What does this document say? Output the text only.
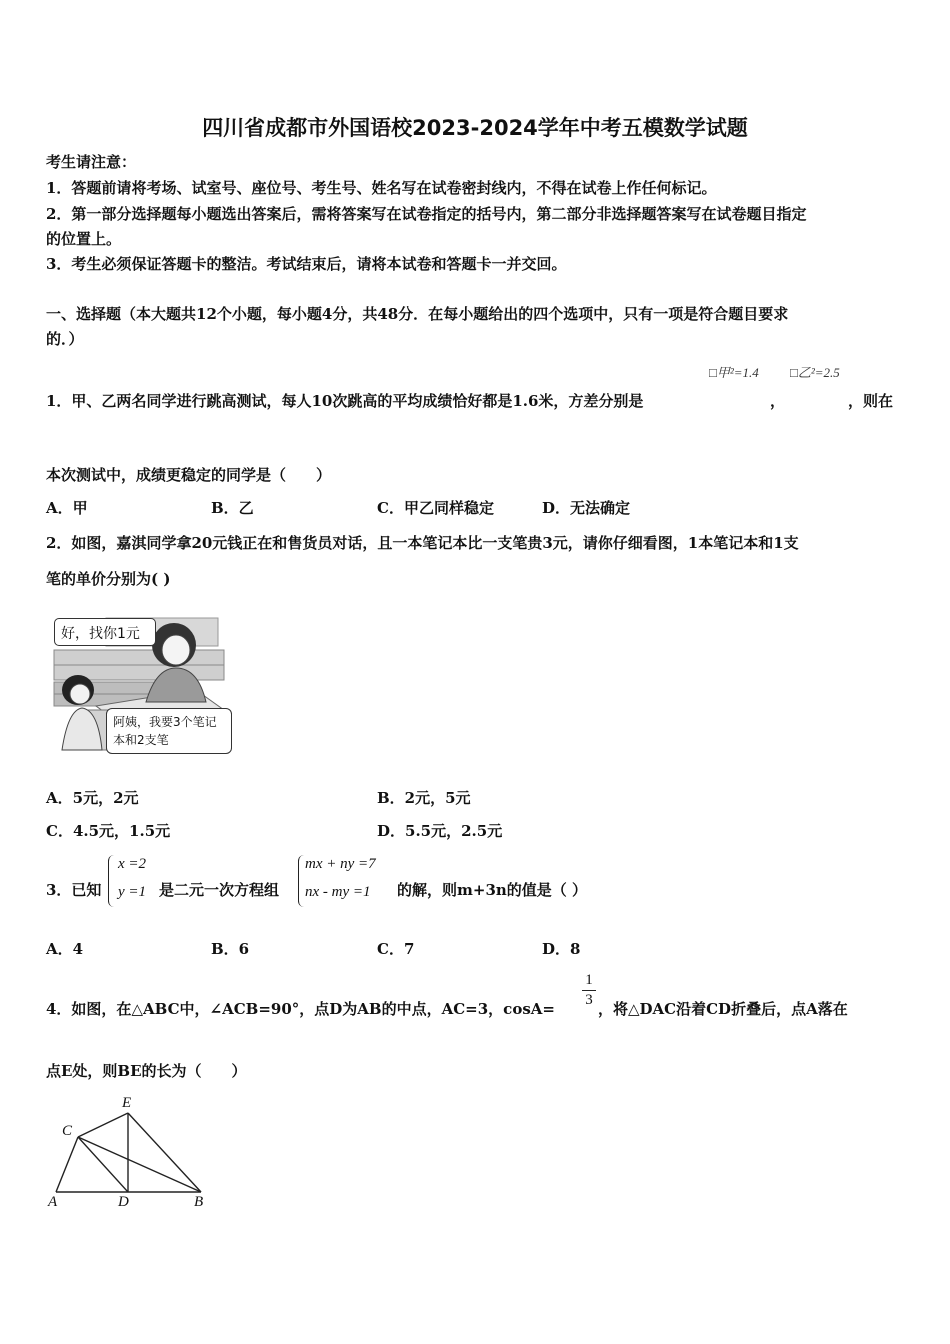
四川省成都市外国语校2023-2024学年中考五模数学试题
考生请注意：
1．答题前请将考场、试室号、座位号、考生号、姓名写在试卷密封线内，不得在试卷上作任何标记。
2．第一部分选择题每小题选出答案后，需将答案写在试卷指定的括号内，第二部分非选择题答案写在试卷题目指定
的位置上。
3．考生必须保证答题卡的整洁。考试结束后，请将本试卷和答题卡一并交回。
一、选择题（本大题共12个小题，每小题4分，共48分．在每小题给出的四个选项中，只有一项是符合题目要求
的．）
□甲²=1.4 □乙²=2.5
1．甲、乙两名同学进行跳高测试，每人10次跳高的平均成绩恰好都是1.6米，方差分别是	，	，则在
本次测试中，成绩更稳定的同学是（　　）
A．甲	B．乙	C．甲乙同样稳定	D．无法确定
2．如图，嘉淇同学拿20元钱正在和售货员对话，且一本笔记本比一支笔贵3元，请你仔细看图，1本笔记本和1支
笔的单价分别为( )
好，找你1元
阿姨，我要3个笔记
本和2支笔
A．5元，2元	B．2元，5元
C．4.5元，1.5元	D．5.5元，2.5元
3．已知
x =2
y =1 是二元一次方程组
mx + ny =7
nx - my =1 的解，则m+3n的值是（ ）
A．4	B．6	C．7	D．8
4．如图，在△ABC中，∠ACB=90°，点D为AB的中点，AC=3，cosA=
1
3 ，将△DAC沿着CD折叠后，点A落在
点E处，则BE的长为（　　）
E
C
A	D	B
